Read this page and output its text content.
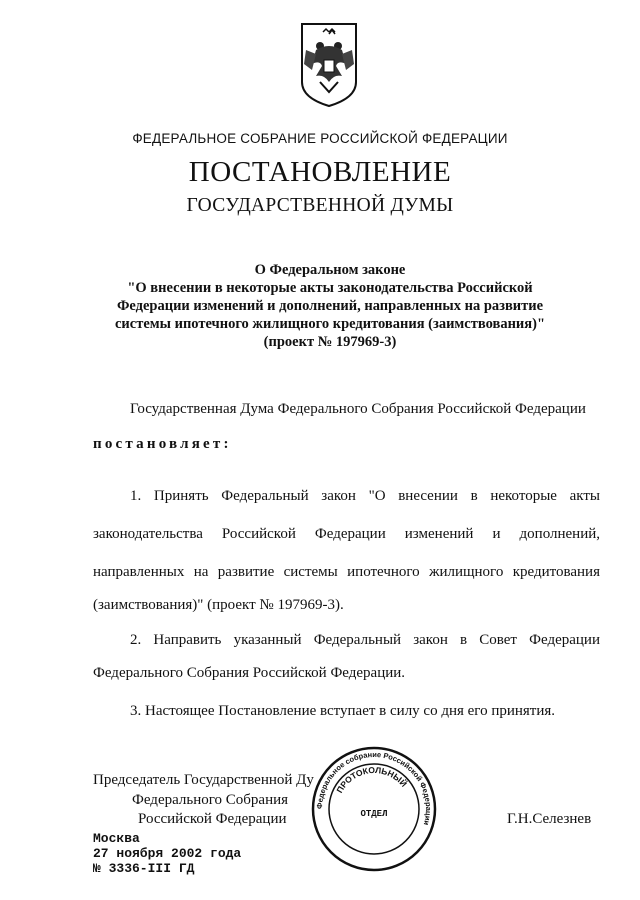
ФЕДЕРАЛЬНОЕ СОБРАНИЕ РОССИЙСКОЙ ФЕДЕРАЦИИ
ПОСТАНОВЛЕНИЕ
ГОСУДАРСТВЕННОЙ ДУМЫ
О Федеральном законе
"О внесении в некоторые акты законодательства Российской
Федерации изменений и дополнений, направленных на развитие
системы ипотечного жилищного кредитования (заимствования)"
(проект № 197969-3)
Государственная Дума Федерального Собрания Российской Федерации
постановляет:
1. Принять Федеральный закон "О внесении в некоторые акты
законодательства Российской Федерации изменений и дополнений,
направленных на развитие системы ипотечного жилищного кредитования
(заимствования)" (проект № 197969-3).
2. Направить указанный Федеральный закон в Совет Федерации
Федерального Собрания Российской Федерации.
3. Настоящее Постановление вступает в силу со дня его принятия.
Председатель Государственной Ду
Федерального Собрания
Российской Федерации	Г.Н.Селезнев
Федеральное собрание Российской Федерации
ПРОТОКОЛЬНЫЙ
ОТДЕЛ
Москва
27 ноября 2002 года
№ 3336-III ГД
